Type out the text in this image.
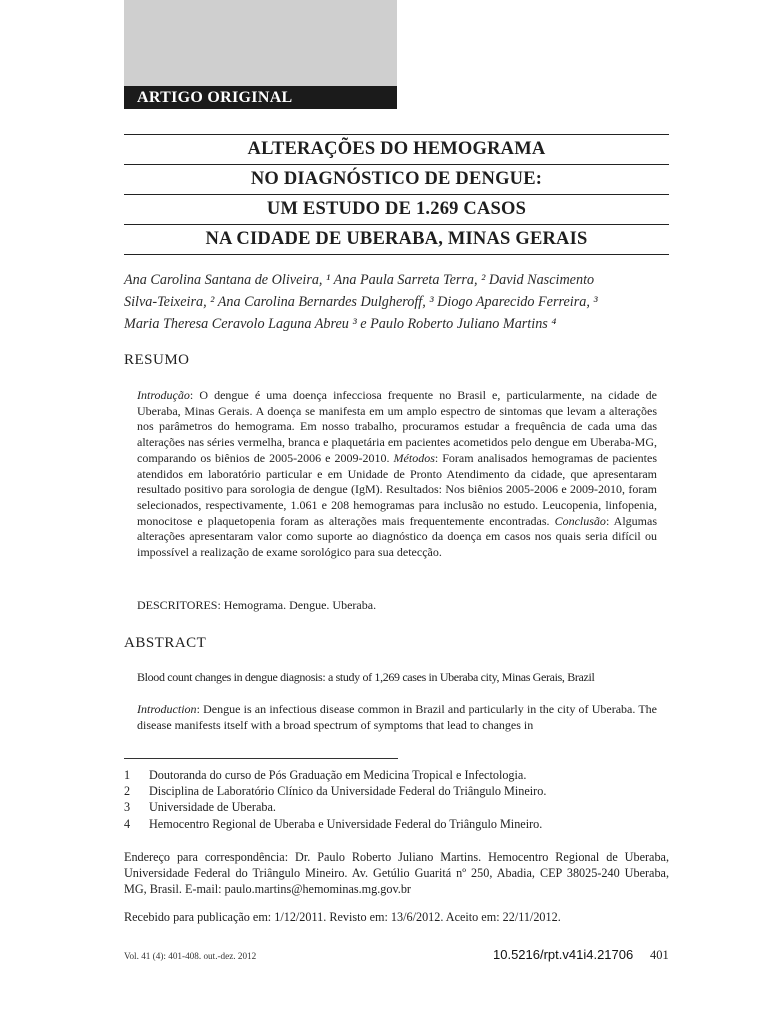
ARTIGO ORIGINAL
ALTERAÇÕES DO HEMOGRAMA
NO DIAGNÓSTICO DE DENGUE:
UM ESTUDO DE 1.269 CASOS
NA CIDADE DE UBERABA, MINAS GERAIS
Ana Carolina Santana de Oliveira, ¹ Ana Paula Sarreta Terra, ² David Nascimento
Silva-Teixeira, ² Ana Carolina Bernardes Dulgheroff, ³ Diogo Aparecido Ferreira, ³
Maria Theresa Ceravolo Laguna Abreu ³ e Paulo Roberto Juliano Martins ⁴
RESUMO
Introdução: O dengue é uma doença infecciosa frequente no Brasil e, particularmente, na cidade de Uberaba, Minas Gerais. A doença se manifesta em um amplo espectro de sintomas que levam a alterações nos parâmetros do hemograma. Em nosso trabalho, procuramos estudar a frequência de cada uma das alterações nas séries vermelha, branca e plaquetária em pacientes acometidos pelo dengue em Uberaba-MG, comparando os biênios de 2005-2006 e 2009-2010. Métodos: Foram analisados hemogramas de pacientes atendidos em laboratório particular e em Unidade de Pronto Atendimento da cidade, que apresentaram resultado positivo para sorologia de dengue (IgM). Resultados: Nos biênios 2005-2006 e 2009-2010, foram selecionados, respectivamente, 1.061 e 208 hemogramas para inclusão no estudo. Leucopenia, linfopenia, monocitose e plaquetopenia foram as alterações mais frequentemente encontradas. Conclusão: Algumas alterações apresentaram valor como suporte ao diagnóstico da doença em casos nos quais seria difícil ou impossível a realização de exame sorológico para sua detecção.
DESCRITORES: Hemograma. Dengue. Uberaba.
ABSTRACT
Blood count changes in dengue diagnosis: a study of 1,269 cases in Uberaba city, Minas Gerais, Brazil
Introduction: Dengue is an infectious disease common in Brazil and particularly in the city of Uberaba. The disease manifests itself with a broad spectrum of symptoms that lead to changes in
1	Doutoranda do curso de Pós Graduação em Medicina Tropical e Infectologia.
2	Disciplina de Laboratório Clínico da Universidade Federal do Triângulo Mineiro.
3	Universidade de Uberaba.
4	Hemocentro Regional de Uberaba e Universidade Federal do Triângulo Mineiro.
Endereço para correspondência: Dr. Paulo Roberto Juliano Martins. Hemocentro Regional de Uberaba, Universidade Federal do Triângulo Mineiro. Av. Getúlio Guaritá nº 250, Abadia, CEP 38025-240 Uberaba, MG, Brasil. E-mail: paulo.martins@hemominas.mg.gov.br
Recebido para publicação em: 1/12/2011. Revisto em: 13/6/2012. Aceito em: 22/11/2012.
Vol. 41 (4): 401-408. out.-dez. 2012	10.5216/rpt.v41i4.21706 401
